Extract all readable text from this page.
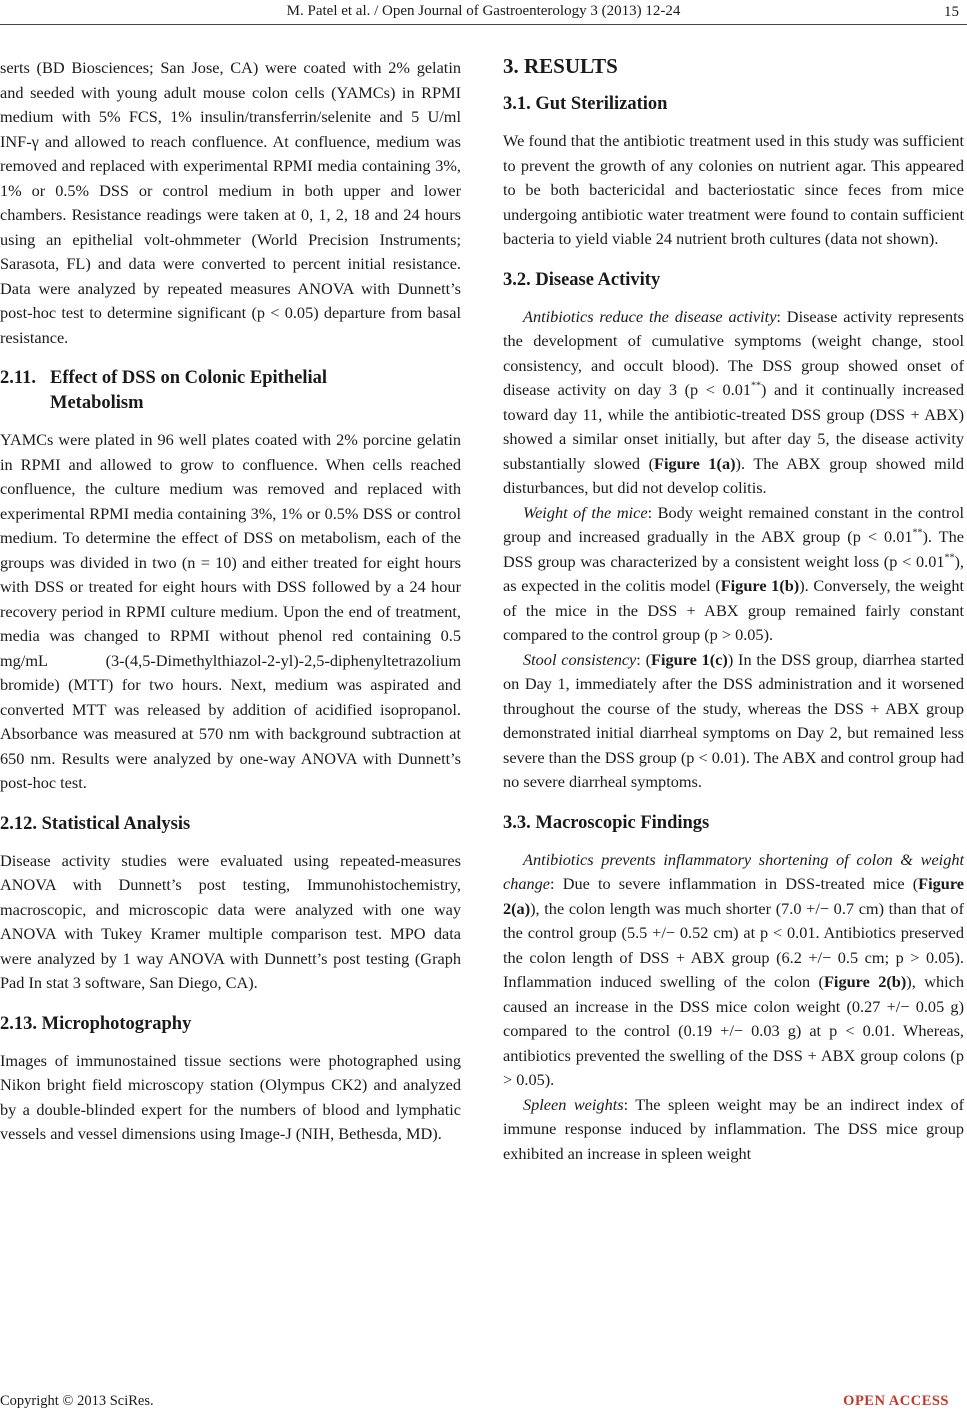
M. Patel et al. / Open Journal of Gastroenterology 3 (2013) 12-24	15

serts (BD Biosciences; San Jose, CA) were coated with 2% gelatin and seeded with young adult mouse colon cells (YAMCs) in RPMI medium with 5% FCS, 1% insulin/transferrin/selenite and 5 U/ml INF-γ and allowed to reach confluence. At confluence, medium was removed and replaced with experimental RPMI media containing 3%, 1% or 0.5% DSS or control medium in both upper and lower chambers. Resistance readings were taken at 0, 1, 2, 18 and 24 hours using an epithelial volt-ohmmeter (World Precision Instruments; Sarasota, FL) and data were converted to percent initial resistance. Data were analyzed by repeated measures ANOVA with Dunnett’s post-hoc test to determine significant (p < 0.05) departure from basal resistance.

2.11. Effect of DSS on Colonic Epithelial
Metabolism

YAMCs were plated in 96 well plates coated with 2% porcine gelatin in RPMI and allowed to grow to confluence. When cells reached confluence, the culture medium was removed and replaced with experimental RPMI media containing 3%, 1% or 0.5% DSS or control medium. To determine the effect of DSS on metabolism, each of the groups was divided in two (n = 10) and either treated for eight hours with DSS or treated for eight hours with DSS followed by a 24 hour recovery period in RPMI culture medium. Upon the end of treatment, media was changed to RPMI without phenol red containing 0.5 mg/mL (3-(4,5-Dimethylthiazol-2-yl)-2,5-diphenyltetrazolium bromide) (MTT) for two hours. Next, medium was aspirated and converted MTT was released by addition of acidified isopropanol. Absorbance was measured at 570 nm with background subtraction at 650 nm. Results were analyzed by one-way ANOVA with Dunnett’s post-hoc test.

2.12. Statistical Analysis

Disease activity studies were evaluated using repeated-measures ANOVA with Dunnett’s post testing, Immunohistochemistry, macroscopic, and microscopic data were analyzed with one way ANOVA with Tukey Kramer multiple comparison test. MPO data were analyzed by 1 way ANOVA with Dunnett’s post testing (Graph Pad In stat 3 software, San Diego, CA).

2.13. Microphotography

Images of immunostained tissue sections were photographed using Nikon bright field microscopy station (Olympus CK2) and analyzed by a double-blinded expert for the numbers of blood and lymphatic vessels and vessel dimensions using Image-J (NIH, Bethesda, MD).

3. RESULTS
3.1. Gut Sterilization

We found that the antibiotic treatment used in this study was sufficient to prevent the growth of any colonies on nutrient agar. This appeared to be both bactericidal and bacteriostatic since feces from mice undergoing antibiotic water treatment were found to contain sufficient bacteria to yield viable 24 nutrient broth cultures (data not shown).

3.2. Disease Activity

Antibiotics reduce the disease activity: Disease activity represents the development of cumulative symptoms (weight change, stool consistency, and occult blood). The DSS group showed onset of disease activity on day 3 (p < 0.01**) and it continually increased toward day 11, while the antibiotic-treated DSS group (DSS + ABX) showed a similar onset initially, but after day 5, the disease activity substantially slowed (Figure 1(a)). The ABX group showed mild disturbances, but did not develop colitis.

Weight of the mice: Body weight remained constant in the control group and increased gradually in the ABX group (p < 0.01**). The DSS group was characterized by a consistent weight loss (p < 0.01**), as expected in the colitis model (Figure 1(b)). Conversely, the weight of the mice in the DSS + ABX group remained fairly constant compared to the control group (p > 0.05).

Stool consistency: (Figure 1(c)) In the DSS group, diarrhea started on Day 1, immediately after the DSS administration and it worsened throughout the course of the study, whereas the DSS + ABX group demonstrated initial diarrheal symptoms on Day 2, but remained less severe than the DSS group (p < 0.01). The ABX and control group had no severe diarrheal symptoms.

3.3. Macroscopic Findings

Antibiotics prevents inflammatory shortening of colon & weight change: Due to severe inflammation in DSS-treated mice (Figure 2(a)), the colon length was much shorter (7.0 +/− 0.7 cm) than that of the control group (5.5 +/− 0.52 cm) at p < 0.01. Antibiotics preserved the colon length of DSS + ABX group (6.2 +/− 0.5 cm; p > 0.05). Inflammation induced swelling of the colon (Figure 2(b)), which caused an increase in the DSS mice colon weight (0.27 +/− 0.05 g) compared to the control (0.19 +/− 0.03 g) at p < 0.01. Whereas, antibiotics prevented the swelling of the DSS + ABX group colons (p > 0.05).

Spleen weights: The spleen weight may be an indirect index of immune response induced by inflammation. The DSS mice group exhibited an increase in spleen weight

Copyright © 2013 SciRes.	OPEN ACCESS
